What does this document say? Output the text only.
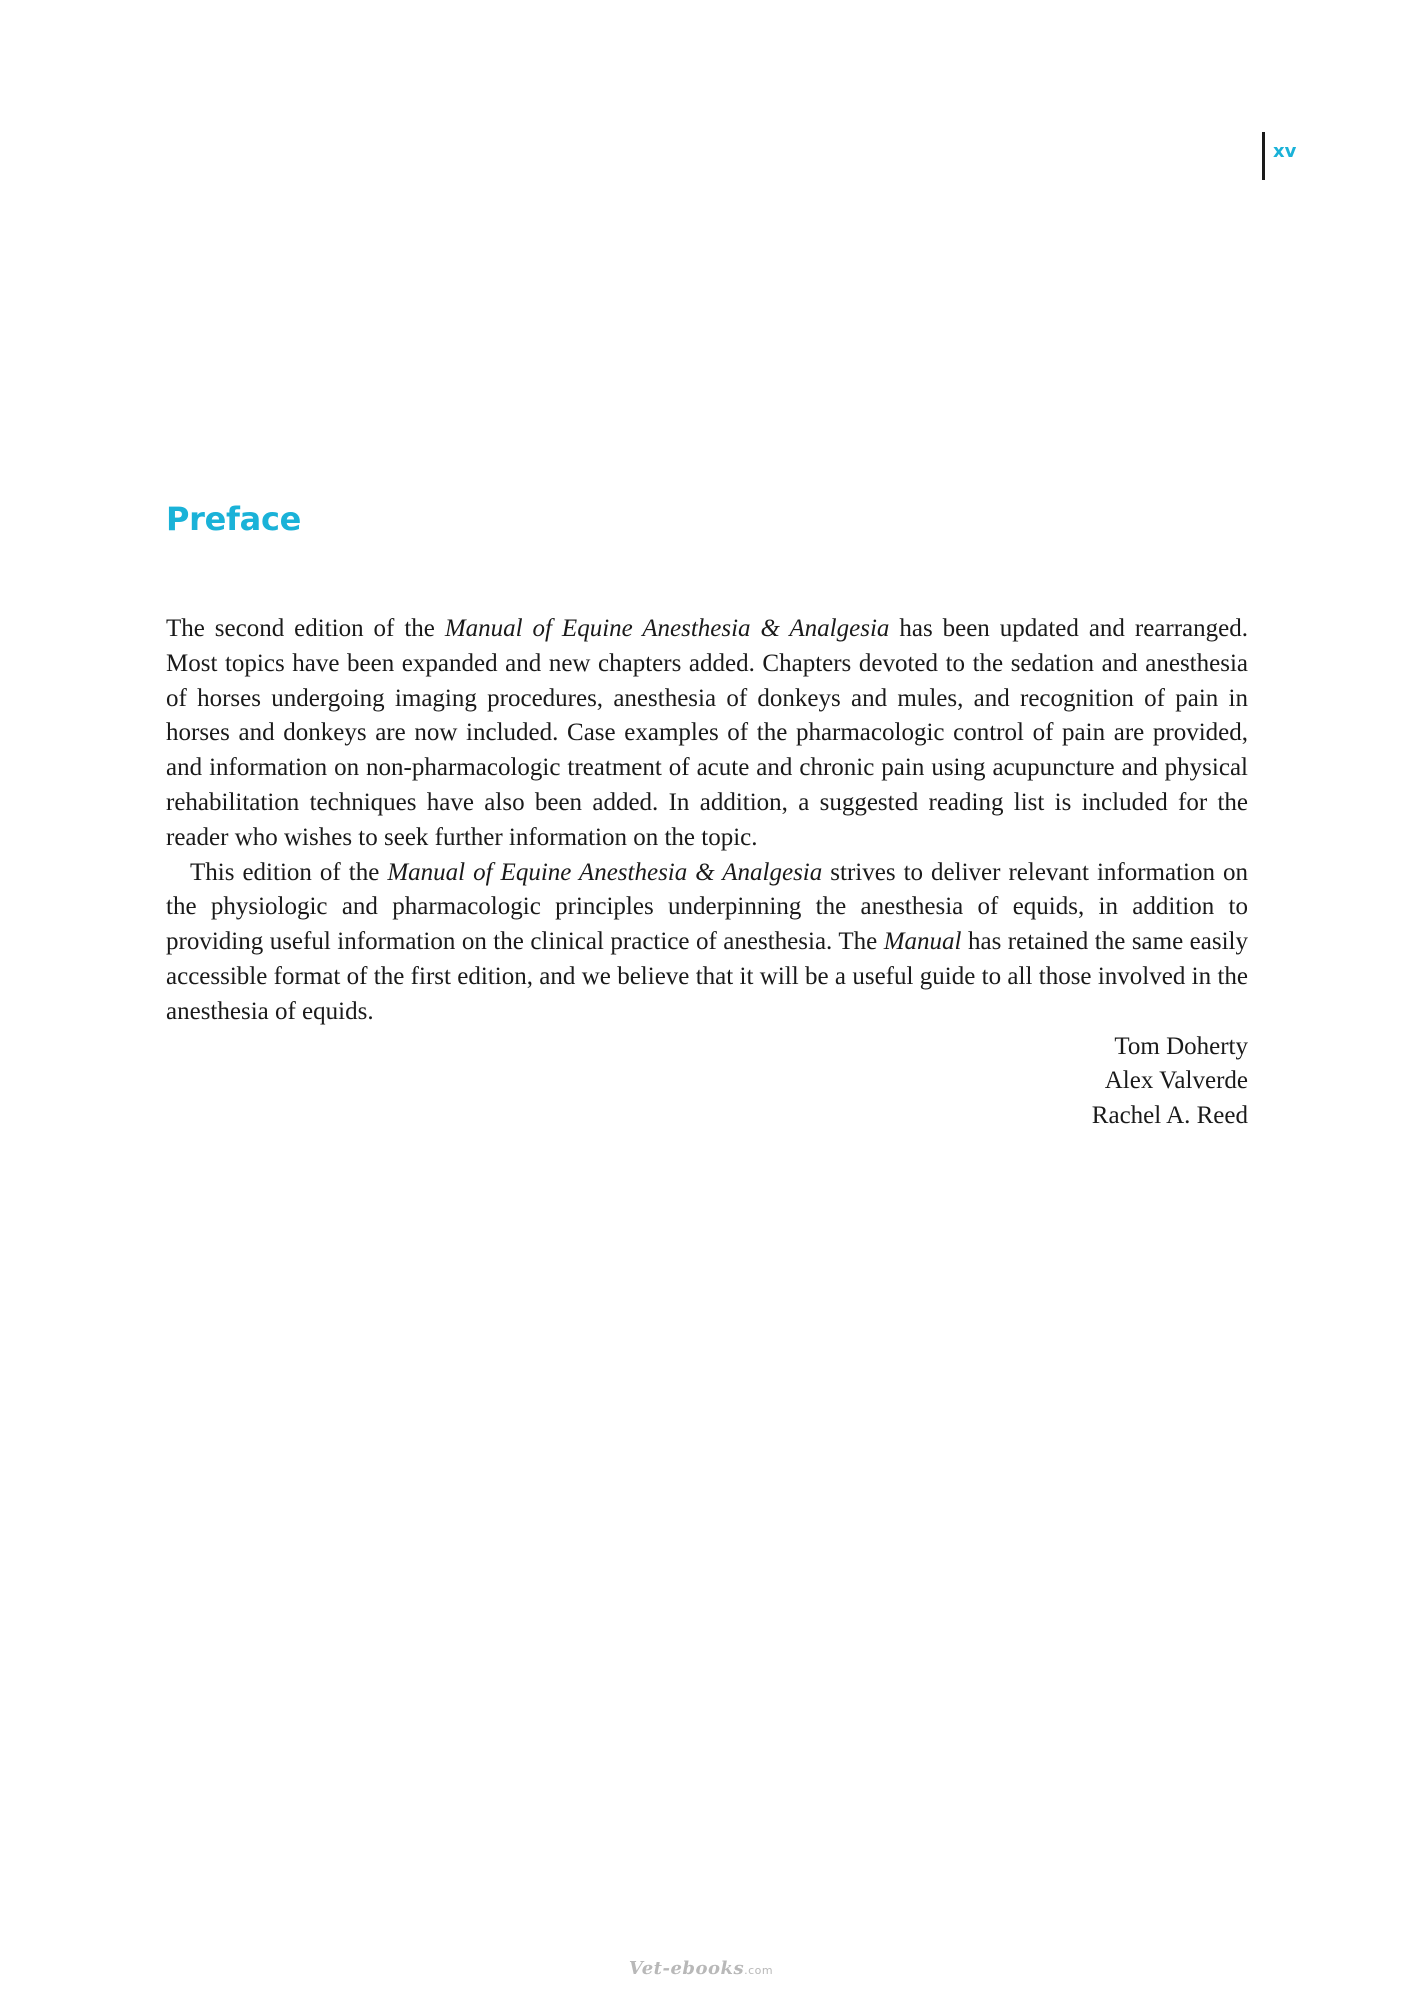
xv
Preface

The second edition of the Manual of Equine Anesthesia & Analgesia has been updated and rearranged. Most topics have been expanded and new chapters added. Chapters devoted to the sedation and anesthesia of horses undergoing imaging procedures, anesthesia of donkeys and mules, and recognition of pain in horses and donkeys are now included. Case examples of the pharmacologic control of pain are provided, and information on non-pharmacologic treatment of acute and chronic pain using acupuncture and physical rehabilitation techniques have also been added. In addition, a suggested reading list is included for the reader who wishes to seek further information on the topic.

This edition of the Manual of Equine Anesthesia & Analgesia strives to deliver relevant information on the physiologic and pharmacologic principles underpinning the anesthesia of equids, in addition to providing useful information on the clinical practice of anesthesia. The Manual has retained the same easily accessible format of the first edition, and we believe that it will be a useful guide to all those involved in the anesthesia of equids.

Tom Doherty
Alex Valverde
Rachel A. Reed
Vet-ebooks.com
